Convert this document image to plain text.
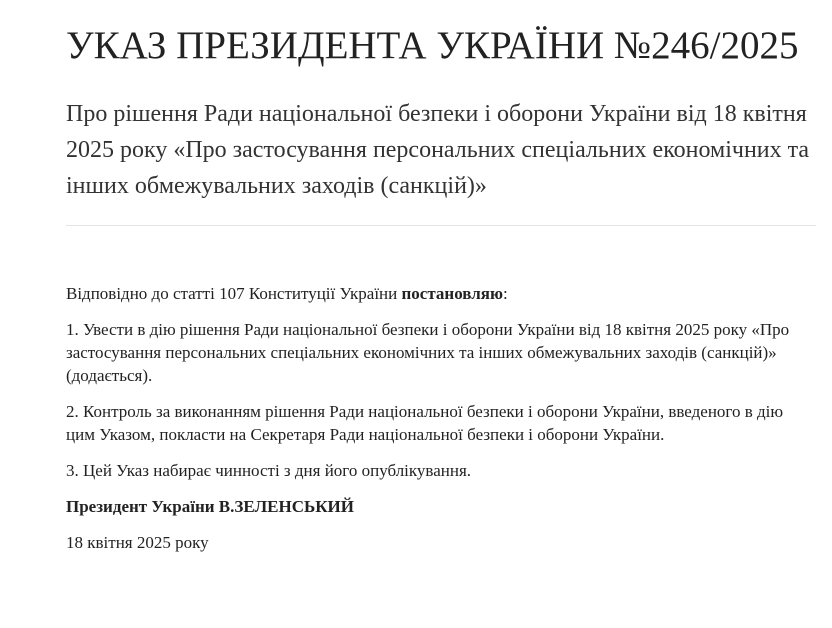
УКАЗ ПРЕЗИДЕНТА УКРАЇНИ №246/2025
Про рішення Ради національної безпеки і оборони України від 18 квітня 2025 року «Про застосування персональних спеціальних економічних та інших обмежувальних заходів (санкцій)»

Відповідно до статті 107 Конституції України постановляю:

1. Увести в дію рішення Ради національної безпеки і оборони України від 18 квітня 2025 року «Про застосування персональних спеціальних економічних та інших обмежувальних заходів (санкцій)» (додається).

2. Контроль за виконанням рішення Ради національної безпеки і оборони України, введеного в дію цим Указом, покласти на Секретаря Ради національної безпеки і оборони України.

3. Цей Указ набирає чинності з дня його опублікування.

Президент України В.ЗЕЛЕНСЬКИЙ

18 квітня 2025 року
